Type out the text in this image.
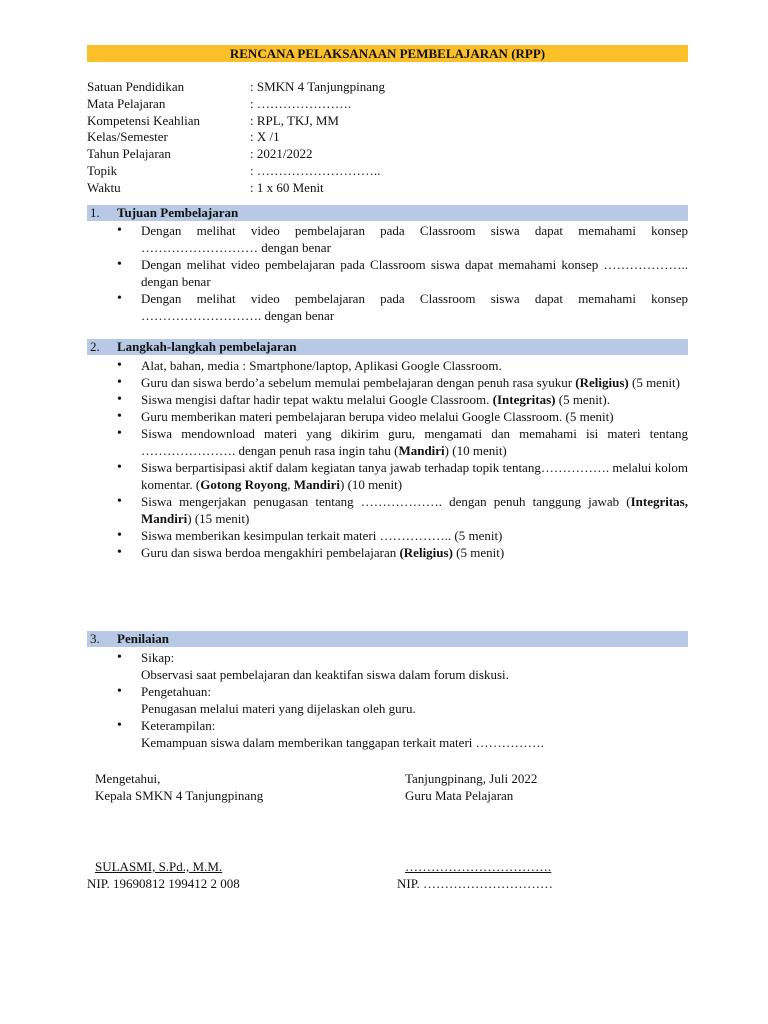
RENCANA PELAKSANAAN PEMBELAJARAN (RPP)
Satuan Pendidikan	: SMKN 4 Tanjungpinang
Mata Pelajaran	: ………………….
Kompetensi Keahlian	: RPL, TKJ, MM
Kelas/Semester	: X /1
Tahun Pelajaran	: 2021/2022
Topik	: ………………………..
Waktu	: 1 x 60 Menit
1. Tujuan Pembelajaran
• Dengan melihat video pembelajaran pada Classroom siswa dapat memahami konsep ……………………… dengan benar
• Dengan melihat video pembelajaran pada Classroom siswa dapat memahami konsep ……………….. dengan benar
• Dengan melihat video pembelajaran pada Classroom siswa dapat memahami konsep ………………………. dengan benar
2. Langkah-langkah pembelajaran
• Alat, bahan, media : Smartphone/laptop, Aplikasi Google Classroom.
• Guru dan siswa berdo’a sebelum memulai pembelajaran dengan penuh rasa syukur (Religius) (5 menit)
• Siswa mengisi daftar hadir tepat waktu melalui Google Classroom. (Integritas) (5 menit).
• Guru memberikan materi pembelajaran berupa video melalui Google Classroom. (5 menit)
• Siswa mendownload materi yang dikirim guru, mengamati dan memahami isi materi tentang …………………. dengan penuh rasa ingin tahu (Mandiri) (10 menit)
• Siswa berpartisipasi aktif dalam kegiatan tanya jawab terhadap topik tentang……………. melalui kolom komentar. (Gotong Royong, Mandiri) (10 menit)
• Siswa mengerjakan penugasan tentang ………………. dengan penuh tanggung jawab (Integritas, Mandiri) (15 menit)
• Siswa memberikan kesimpulan terkait materi …………….. (5 menit)
• Guru dan siswa berdoa mengakhiri pembelajaran (Religius) (5 menit)
3. Penilaian
• Sikap:
Observasi saat pembelajaran dan keaktifan siswa dalam forum diskusi.
• Pengetahuan:
Penugasan melalui materi yang dijelaskan oleh guru.
• Keterampilan:
Kemampuan siswa dalam memberikan tanggapan terkait materi …………….
Mengetahui,
Kepala SMKN 4 Tanjungpinang
SULASMI, S.Pd., M.M.
NIP. 19690812 199412 2 008
Tanjungpinang, Juli 2022
Guru Mata Pelajaran
…………………………….
NIP. …………………………
